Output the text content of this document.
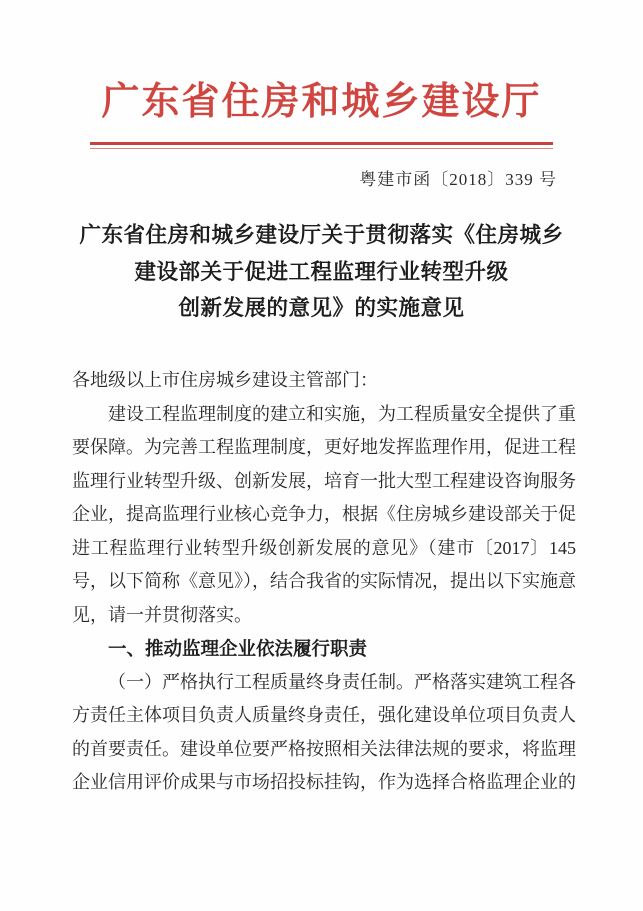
广东省住房和城乡建设厅
粤建市函〔2018〕339 号
广东省住房和城乡建设厅关于贯彻落实《住房城乡
建设部关于促进工程监理行业转型升级
创新发展的意见》的实施意见

各地级以上市住房城乡建设主管部门：

建设工程监理制度的建立和实施，为工程质量安全提供了重要保障。为完善工程监理制度，更好地发挥监理作用，促进工程监理行业转型升级、创新发展，培育一批大型工程建设咨询服务企业，提高监理行业核心竞争力，根据《住房城乡建设部关于促进工程监理行业转型升级创新发展的意见》（建市〔2017〕145号，以下简称《意见》），结合我省的实际情况，提出以下实施意见，请一并贯彻落实。

一、推动监理企业依法履行职责

（一）严格执行工程质量终身责任制。严格落实建筑工程各方责任主体项目负责人质量终身责任，强化建设单位项目负责人的首要责任。建设单位要严格按照相关法律法规的要求，将监理企业信用评价成果与市场招投标挂钩，作为选择合格监理企业的
